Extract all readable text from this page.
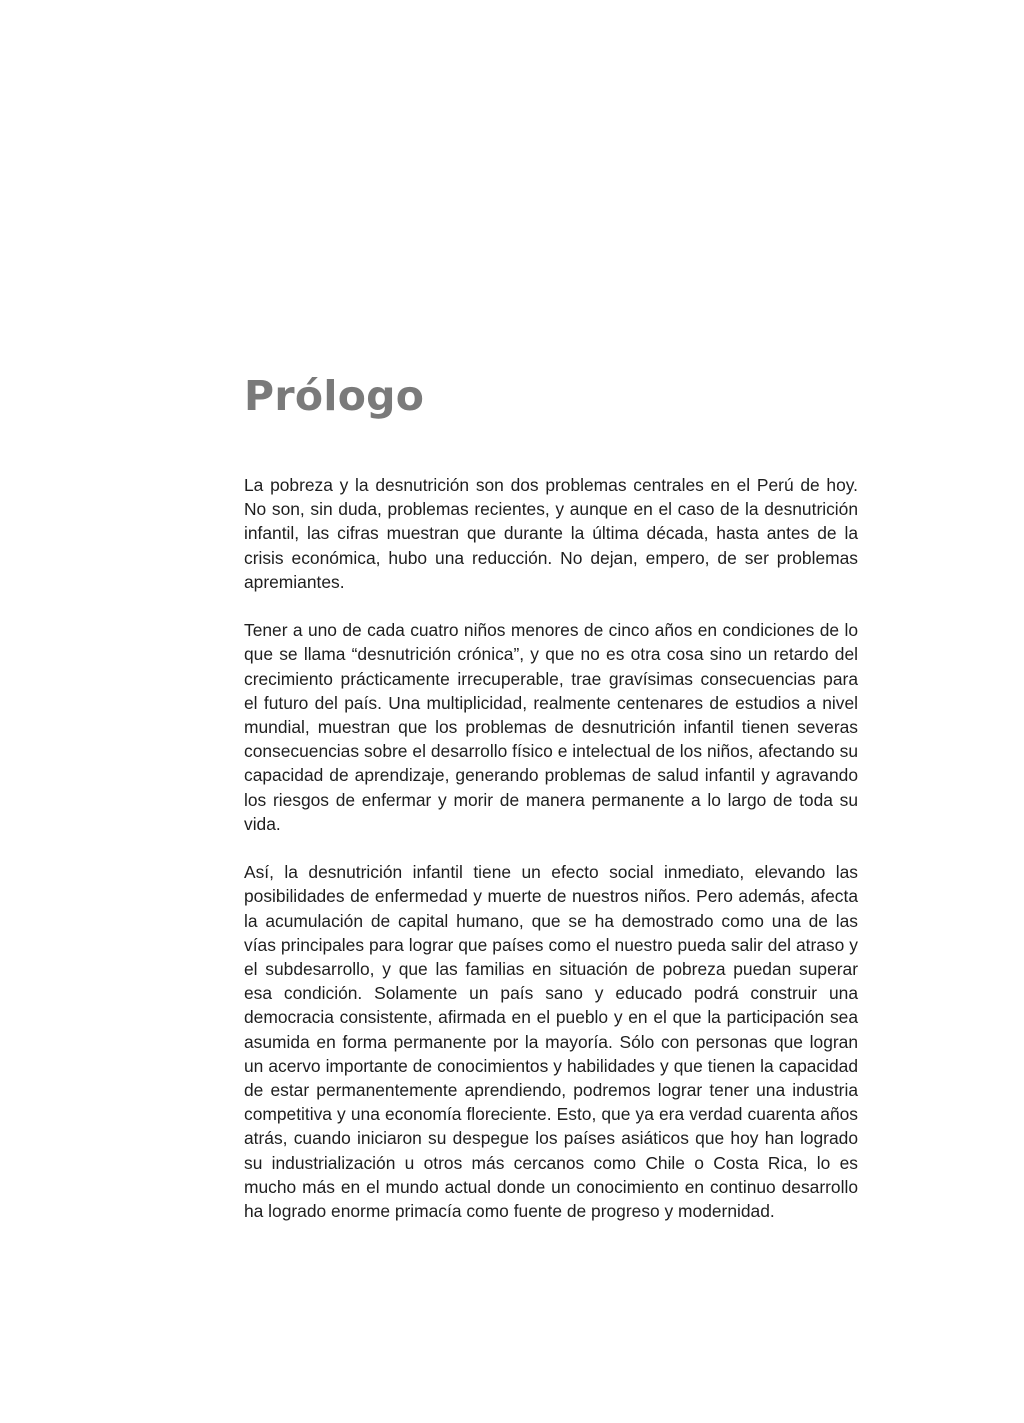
Prólogo

La pobreza y la desnutrición son dos problemas centrales en el Perú de hoy. No son, sin duda, problemas recientes, y aunque en el caso de la desnutrición infantil, las cifras muestran que durante la última década, hasta antes de la crisis económica, hubo una reducción. No dejan, empero, de ser problemas apremiantes.

Tener a uno de cada cuatro niños menores de cinco años en condiciones de lo que se llama “desnutrición crónica”, y que no es otra cosa sino un retardo del crecimiento prácticamente irrecuperable, trae gravísimas consecuencias para el futuro del país. Una multiplicidad, realmente centenares de estudios a nivel mundial, muestran que los problemas de desnutrición infantil tienen severas consecuencias sobre el desarrollo físico e intelectual de los niños, afectando su capacidad de aprendizaje, generando problemas de salud infantil y agravando los riesgos de enfermar y morir de manera permanente a lo largo de toda su vida.

Así, la desnutrición infantil tiene un efecto social inmediato, elevando las posibilidades de enfermedad y muerte de nuestros niños. Pero además, afecta la acumulación de capital humano, que se ha demostrado como una de las vías principales para lograr que países como el nuestro pueda salir del atraso y el subdesarrollo, y que las familias en situación de pobreza puedan superar esa condición. Solamente un país sano y educado podrá construir una democracia consistente, afirmada en el pueblo y en el que la participación sea asumida en forma permanente por la mayoría. Sólo con personas que logran un acervo importante de conocimientos y habilidades y que tienen la capacidad de estar permanentemente aprendiendo, podremos lograr tener una industria competitiva y una economía floreciente. Esto, que ya era verdad cuarenta años atrás, cuando iniciaron su despegue los países asiáticos que hoy han logrado su industrialización u otros más cercanos como Chile o Costa Rica, lo es mucho más en el mundo actual donde un conocimiento en continuo desarrollo ha logrado enorme primacía como fuente de progreso y modernidad.
